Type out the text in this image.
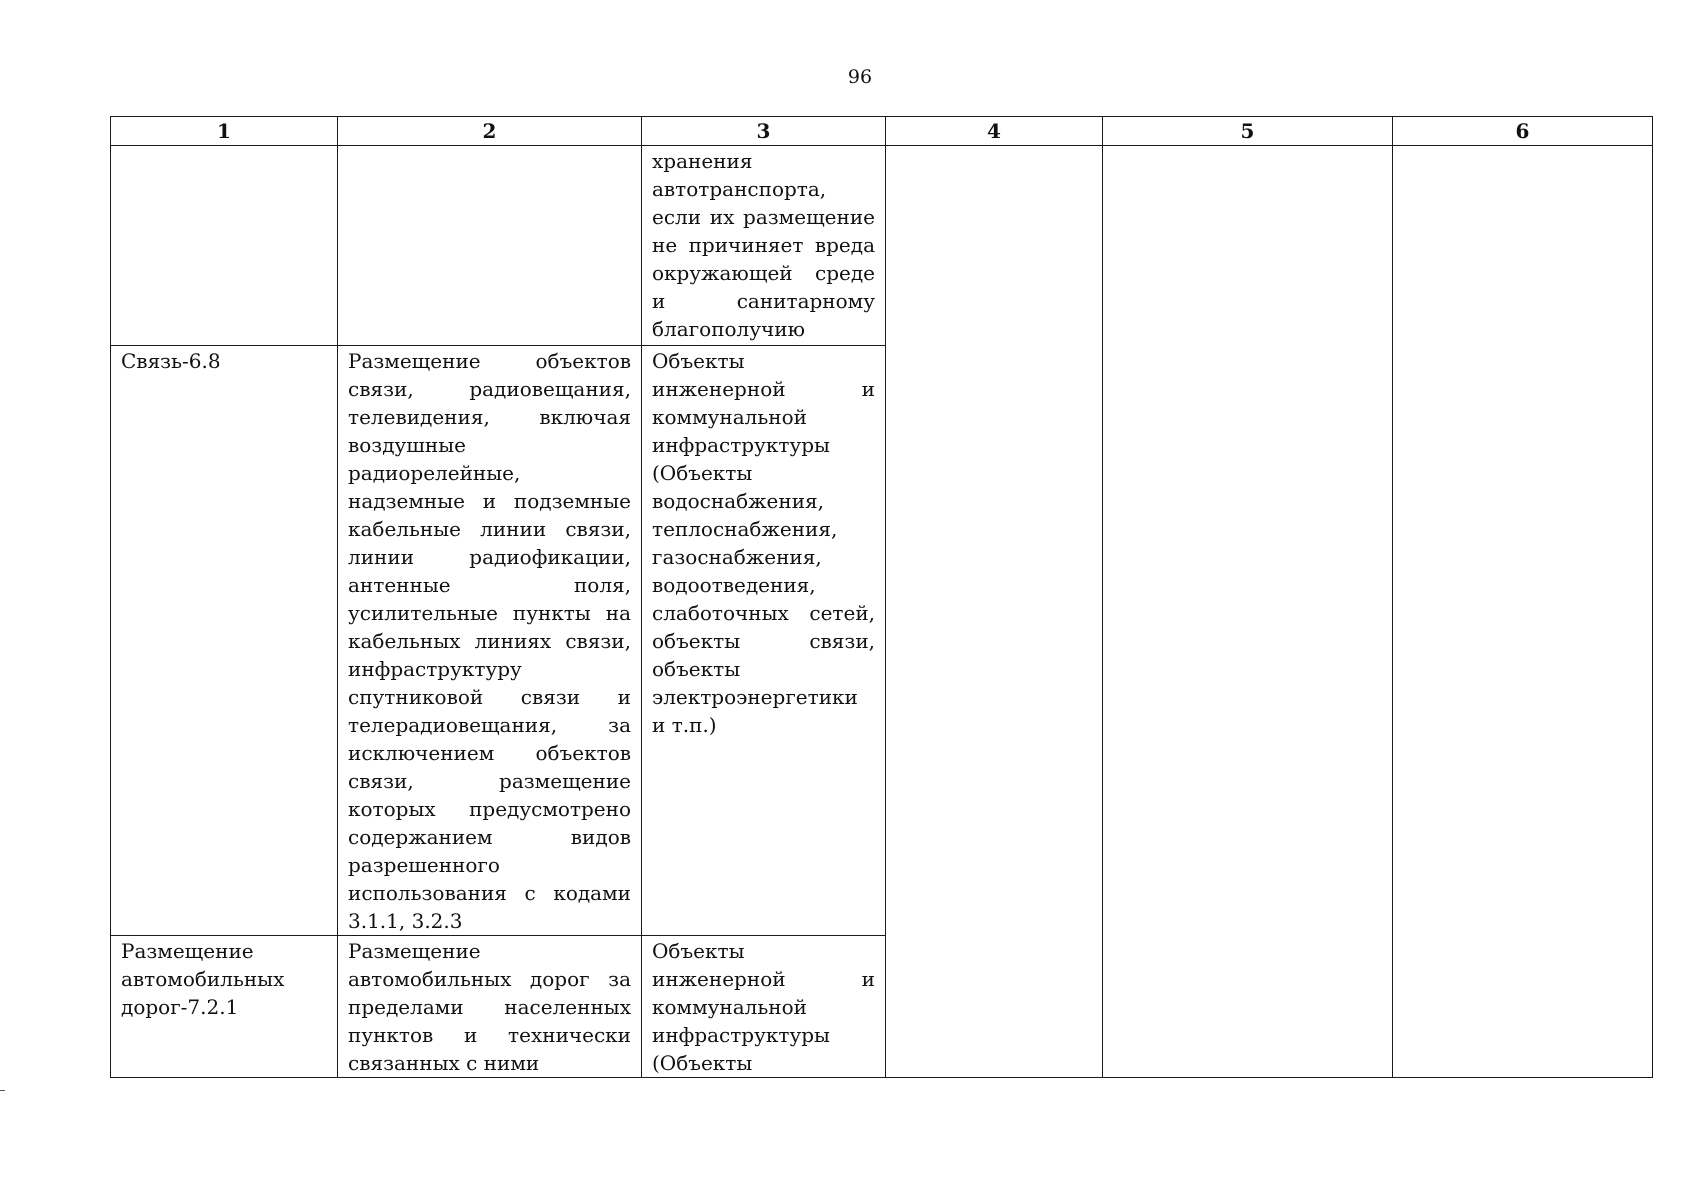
96
1	2	3	4	5	6
		хранения автотранспорта, если их размещение не причиняет вреда окружающей среде и санитарному благополучию			
Связь-6.8	Размещение объектов связи, радиовещания, телевидения, включая воздушные радиорелейные, надземные и подземные кабельные линии связи, линии радиофикации, антенные поля, усилительные пункты на кабельных линиях связи, инфраструктуру спутниковой связи и телерадиовещания, за исключением объектов связи, размещение которых предусмотрено содержанием видов разрешенного использования с кодами 3.1.1, 3.2.3	Объекты инженерной и коммунальной инфраструктуры (Объекты водоснабжения, теплоснабжения, газоснабжения, водоотведения, слаботочных сетей, объекты связи, объекты электроэнергетики и т.п.)			
Размещение автомобильных дорог-7.2.1	Размещение автомобильных дорог за пределами населенных пунктов и технически связанных с ними	Объекты инженерной и коммунальной инфраструктуры (Объекты			
